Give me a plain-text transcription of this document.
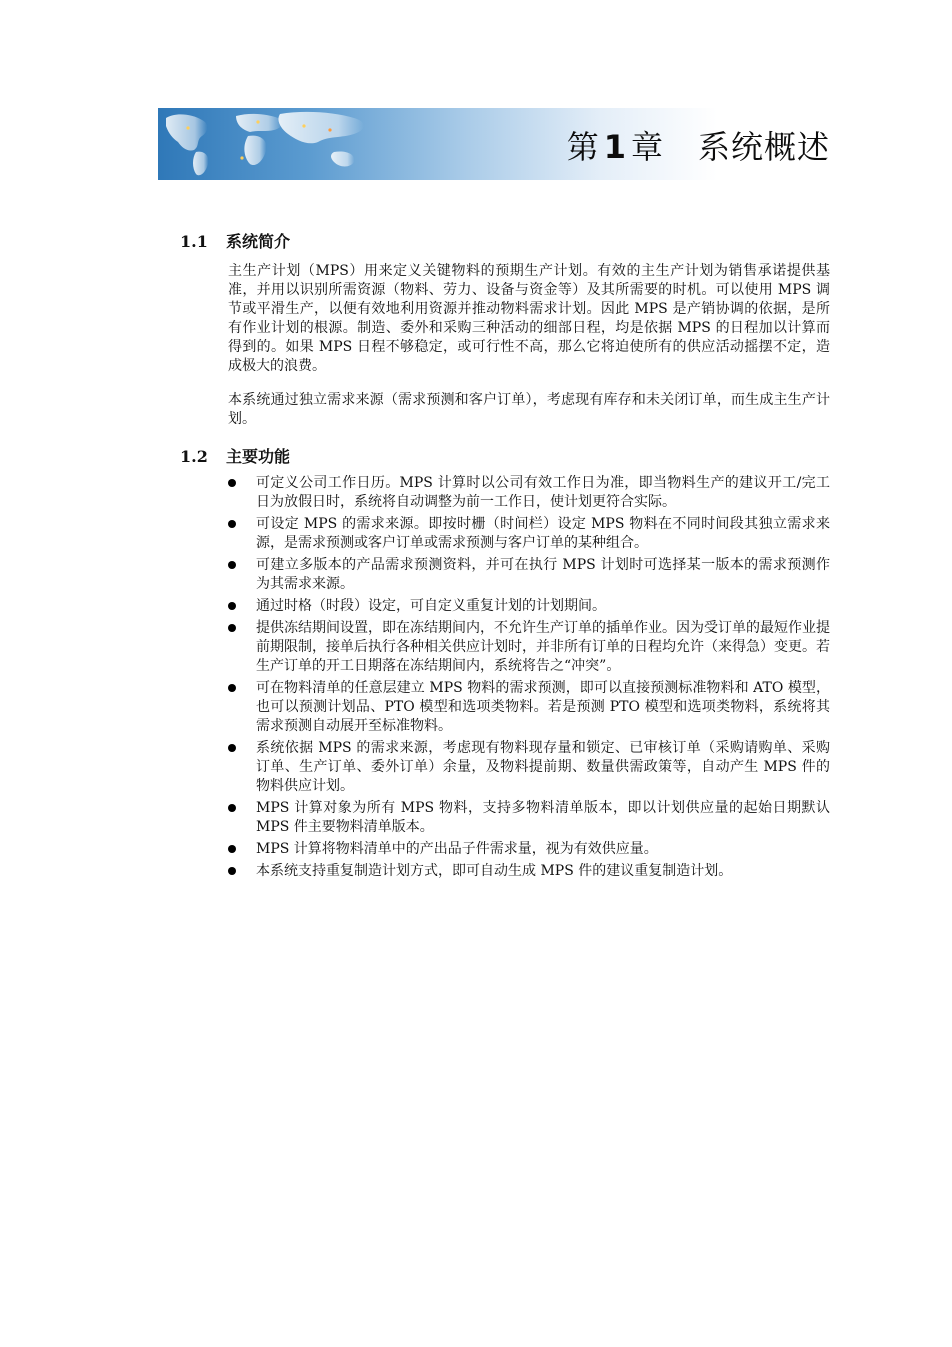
第 1 章 系统概述
1.1 系统简介

主生产计划（MPS）用来定义关键物料的预期生产计划。有效的主生产计划为销售承诺提供基准，并用以识别所需资源（物料、劳力、设备与资金等）及其所需要的时机。可以使用 MPS 调节或平滑生产，以便有效地利用资源并推动物料需求计划。因此 MPS 是产销协调的依据，是所有作业计划的根源。制造、委外和采购三种活动的细部日程，均是依据 MPS 的日程加以计算而得到的。如果 MPS 日程不够稳定，或可行性不高，那么它将迫使所有的供应活动摇摆不定，造成极大的浪费。

本系统通过独立需求来源（需求预测和客户订单），考虑现有库存和未关闭订单，而生成主生产计划。

1.2 主要功能
可定义公司工作日历。MPS 计算时以公司有效工作日为准，即当物料生产的建议开工/完工日为放假日时，系统将自动调整为前一工作日，使计划更符合实际。
可设定 MPS 的需求来源。即按时栅（时间栏）设定 MPS 物料在不同时间段其独立需求来源，是需求预测或客户订单或需求预测与客户订单的某种组合。
可建立多版本的产品需求预测资料，并可在执行 MPS 计划时可选择某一版本的需求预测作为其需求来源。
通过时格（时段）设定，可自定义重复计划的计划期间。
提供冻结期间设置，即在冻结期间内，不允许生产订单的插单作业。因为受订单的最短作业提前期限制，接单后执行各种相关供应计划时，并非所有订单的日程均允许（来得急）变更。若生产订单的开工日期落在冻结期间内，系统将告之“冲突”。
可在物料清单的任意层建立 MPS 物料的需求预测，即可以直接预测标准物料和 ATO 模型，也可以预测计划品、PTO 模型和选项类物料。若是预测 PTO 模型和选项类物料，系统将其需求预测自动展开至标准物料。
系统依据 MPS 的需求来源，考虑现有物料现存量和锁定、已审核订单（采购请购单、采购订单、生产订单、委外订单）余量，及物料提前期、数量供需政策等，自动产生 MPS 件的物料供应计划。
MPS 计算对象为所有 MPS 物料，支持多物料清单版本，即以计划供应量的起始日期默认 MPS 件主要物料清单版本。
MPS 计算将物料清单中的产出品子件需求量，视为有效供应量。
本系统支持重复制造计划方式，即可自动生成 MPS 件的建议重复制造计划。
